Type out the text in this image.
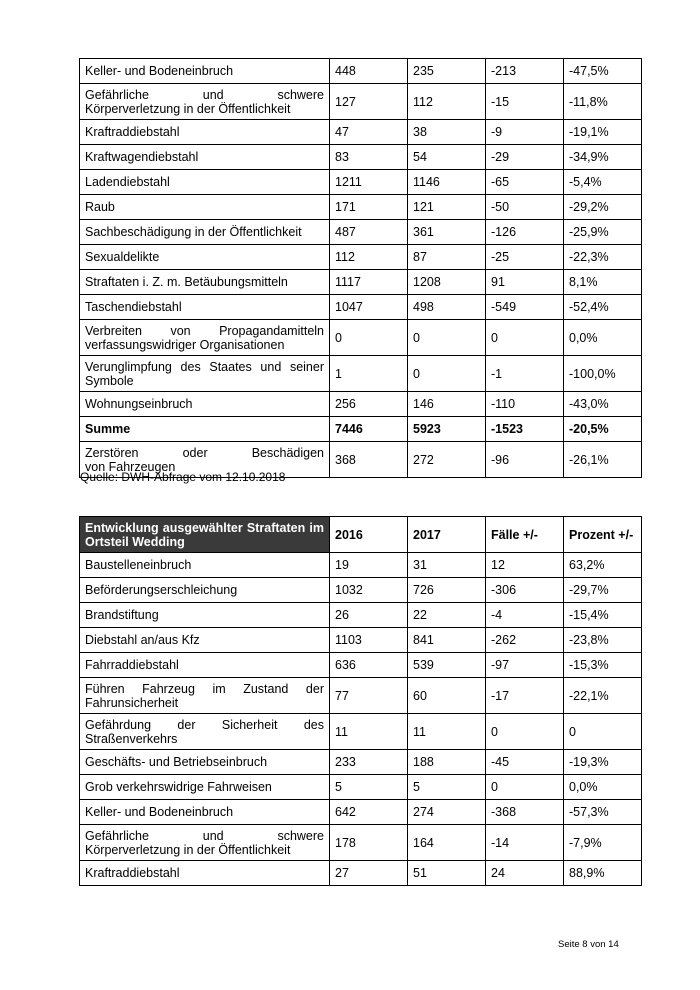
Keller- und Bodeneinbruch	448	235	-213	-47,5%

Gefährliche und schwere
Körperverletzung in der Öffentlichkeit	127	112	-15	-11,8%
Kraftraddiebstahl	47	38	-9	-19,1%
Kraftwagendiebstahl	83	54	-29	-34,9%
Ladendiebstahl	1211	1146	-65	-5,4%
Raub	171	121	-50	-29,2%
Sachbeschädigung in der Öffentlichkeit	487	361	-126	-25,9%
Sexualdelikte	112	87	-25	-22,3%
Straftaten i. Z. m. Betäubungsmitteln	1117	1208	91	8,1%
Taschendiebstahl	1047	498	-549	-52,4%

Verbreiten von Propagandamitteln
verfassungswidriger Organisationen	0	0	0	0,0%

Verunglimpfung des Staates und seiner
Symbole	1	0	-1	-100,0%
Wohnungseinbruch	256	146	-110	-43,0%
Summe	7446	5923	-1523	-20,5%

Zerstören oder Beschädigen
von Fahrzeugen	368	272	-96	-26,1%
Quelle: DWH-Abfrage vom 12.10.2018
Entwicklung ausgewählter Straftaten im Ortsteil Wedding	2016	2017	Fälle +/-	Prozent +/-
Baustelleneinbruch	19	31	12	63,2%
Beförderungserschleichung	1032	726	-306	-29,7%
Brandstiftung	26	22	-4	-15,4%
Diebstahl an/aus Kfz	1103	841	-262	-23,8%
Fahrraddiebstahl	636	539	-97	-15,3%

Führen Fahrzeug im Zustand der
Fahrunsicherheit	77	60	-17	-22,1%

Gefährdung der Sicherheit des
Straßenverkehrs	11	11	0	0
Geschäfts- und Betriebseinbruch	233	188	-45	-19,3%
Grob verkehrswidrige Fahrweisen	5	5	0	0,0%
Keller- und Bodeneinbruch	642	274	-368	-57,3%

Gefährliche und schwere
Körperverletzung in der Öffentlichkeit	178	164	-14	-7,9%
Kraftraddiebstahl	27	51	24	88,9%
Seite 8 von 14
